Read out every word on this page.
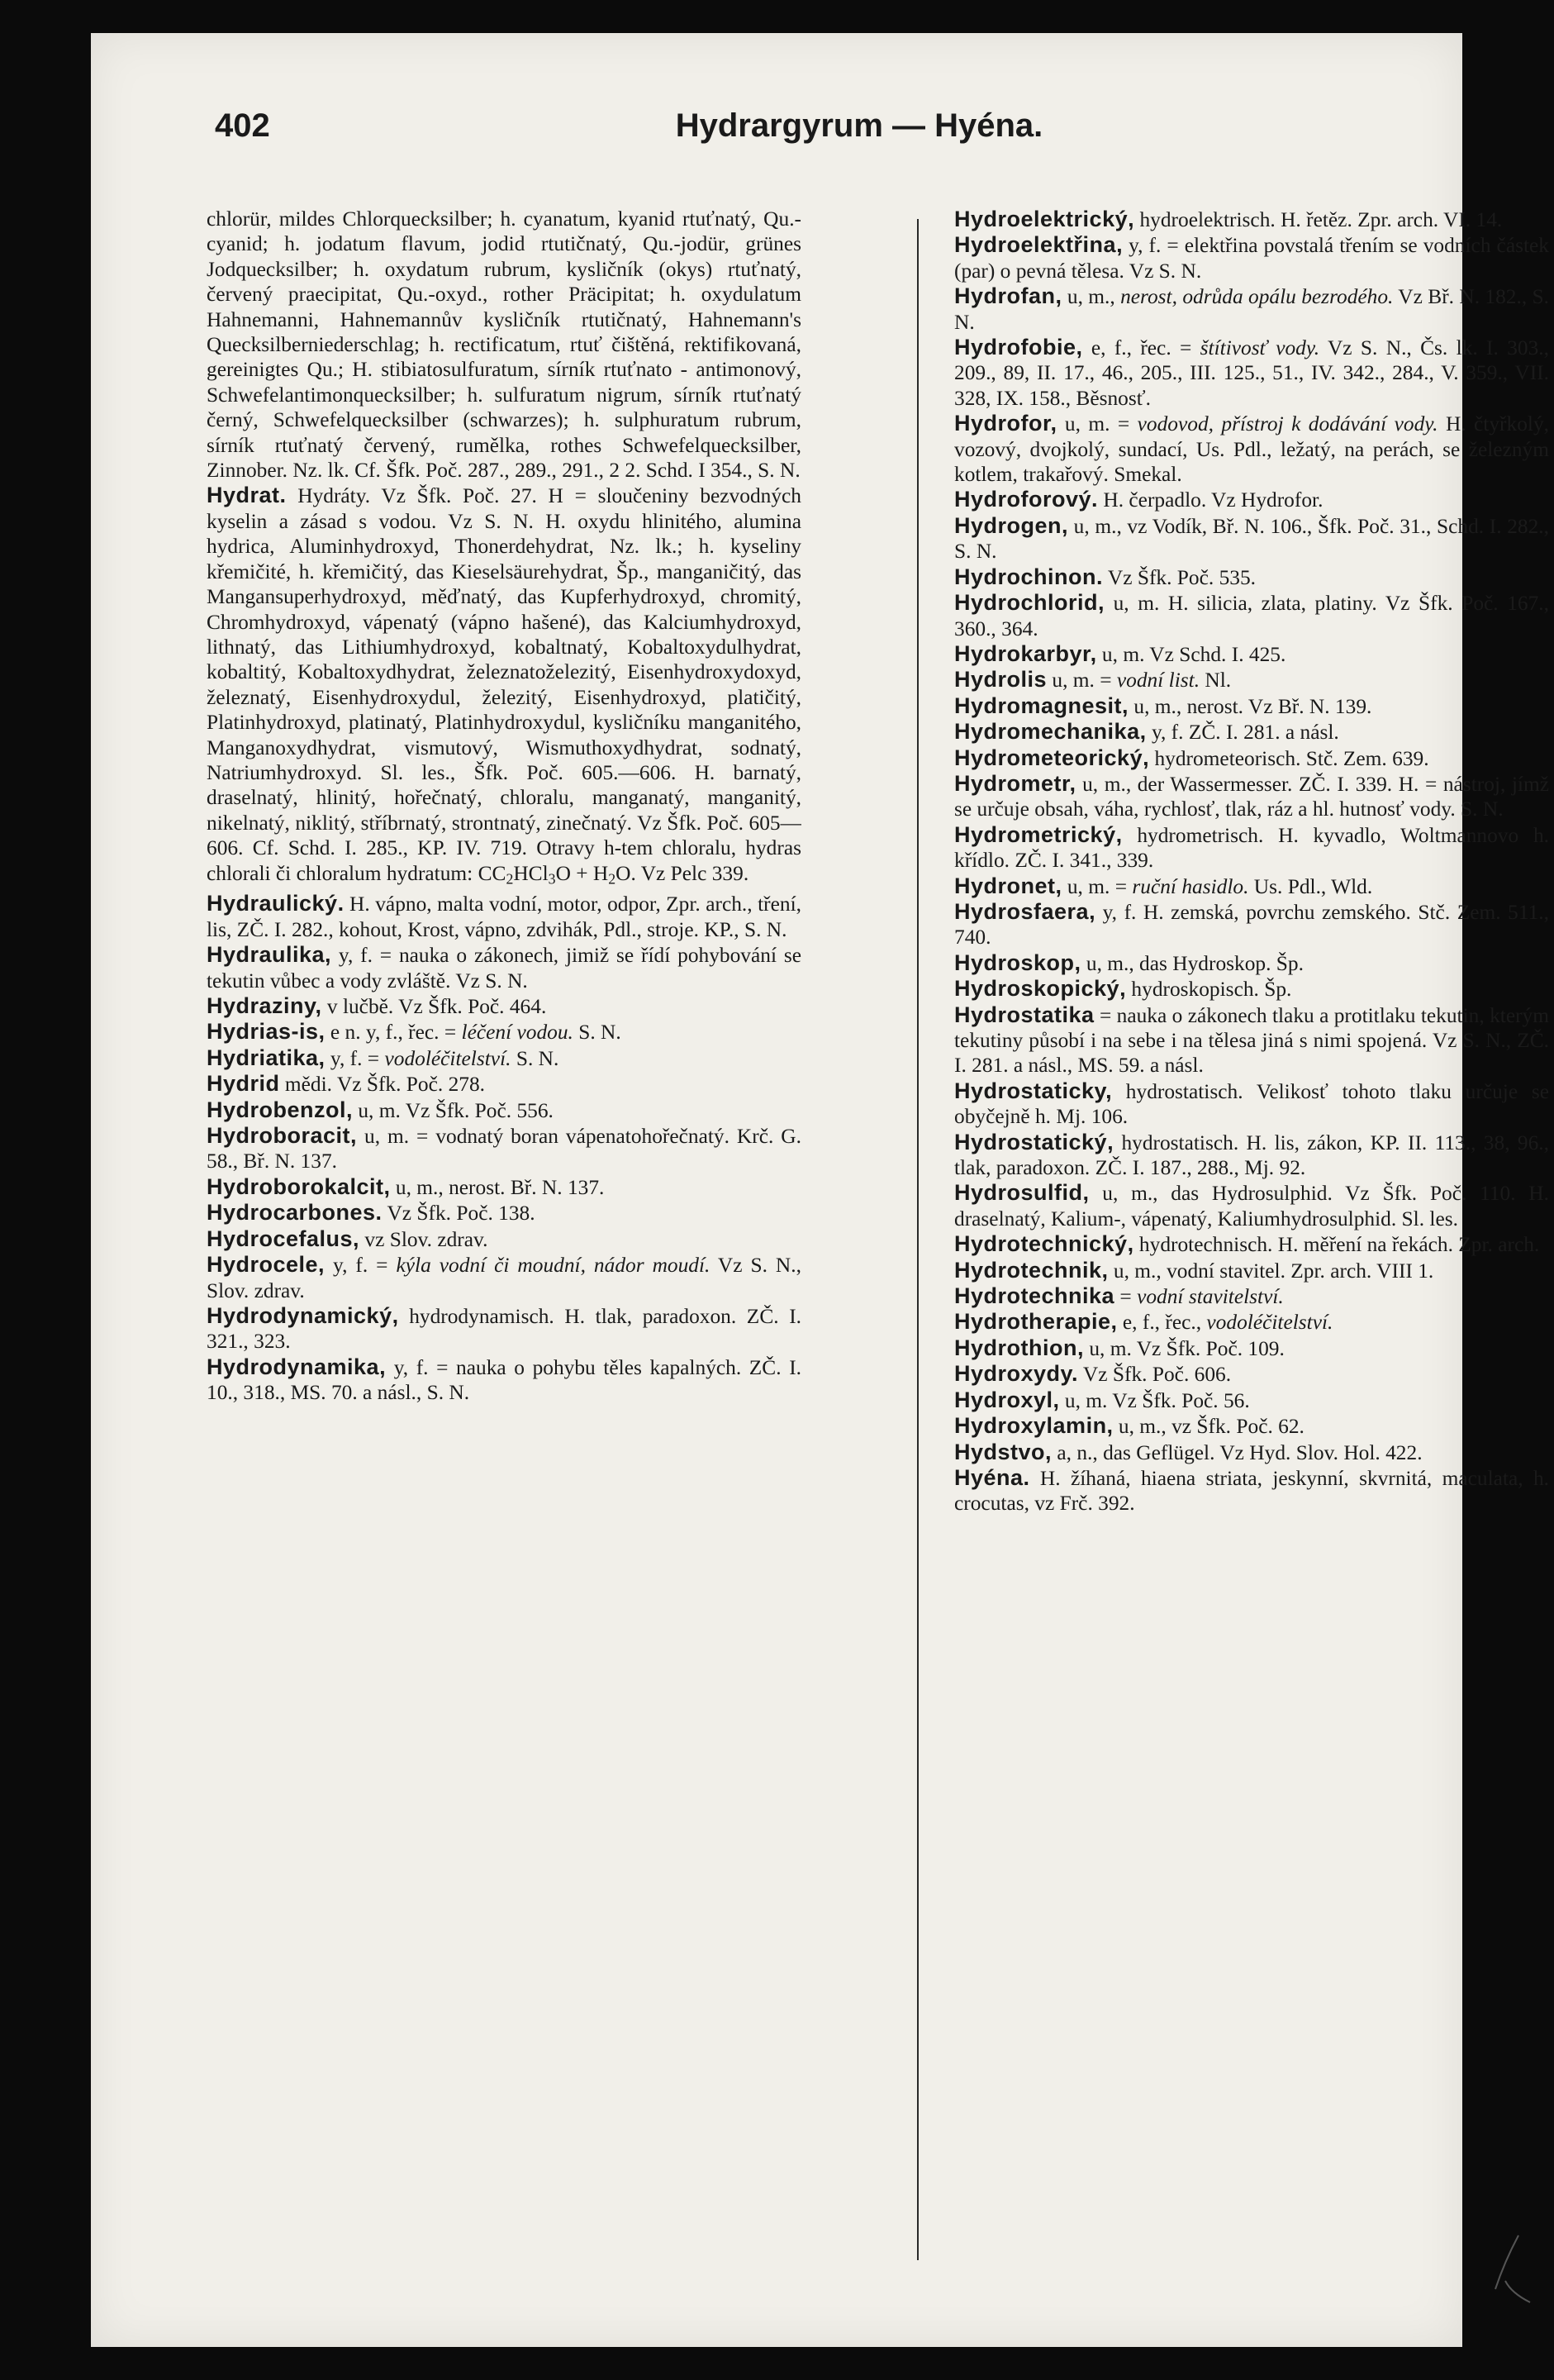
402	Hydrargyrum — Hyéna.

chlorür, mildes Chlorquecksilber; h. cyanatum, kyanid rtuťnatý, Qu.-cyanid; h. jodatum flavum, jodid rtutičnatý, Qu.-jodür, grünes Jodquecksilber; h. oxydatum rubrum, kysličník (okys) rtuťnatý, červený praecipitat, Qu.-oxyd., rother Präcipitat; h. oxydulatum Hahnemanni, Hahnemannův kysličník rtutičnatý, Hahnemann's Quecksilberniederschlag; h. rectificatum, rtuť čištěná, rektifikovaná, gereinigtes Qu.; H. stibiatosulfuratum, sírník rtuťnato - antimonový, Schwefelantimonquecksilber; h. sulfuratum nigrum, sírník rtuťnatý černý, Schwefelquecksilber (schwarzes); h. sulphuratum rubrum, sírník rtuťnatý červený, rumělka, rothes Schwefelquecksilber, Zinnober. Nz. lk. Cf. Šfk. Poč. 287., 289., 291., 2 2. Schd. I 354., S. N.

Hydrat. Hydráty. Vz Šfk. Poč. 27. H = sloučeniny bezvodných kyselin a zásad s vodou. Vz S. N. H. oxydu hlinitého, alumina hydrica, Aluminhydroxyd, Thonerdehydrat, Nz. lk.; h. kyseliny křemičité, h. křemičitý, das Kieselsäurehydrat, Šp., manganičitý, das Mangansuperhydroxyd, měďnatý, das Kupferhydroxyd, chromitý, Chromhydroxyd, vápenatý (vápno hašené), das Kalciumhydroxyd, lithnatý, das Lithiumhydroxyd, kobaltnatý, Kobaltoxydulhydrat, kobaltitý, Kobaltoxydhydrat, železnatoželezitý, Eisenhydroxydoxyd, železnatý, Eisenhydroxydul, železitý, Eisenhydroxyd, platičitý, Platinhydroxyd, platinatý, Platinhydroxydul, kysličníku manganitého, Manganoxydhydrat, vismutový, Wismuthoxydhydrat, sodnatý, Natriumhydroxyd. Sl. les., Šfk. Poč. 605.—606. H. barnatý, draselnatý, hlinitý, hořečnatý, chloralu, manganatý, manganitý, nikelnatý, niklitý, stříbrnatý, strontnatý, zinečnatý. Vz Šfk. Poč. 605—606. Cf. Schd. I. 285., KP. IV. 719. Otravy h-tem chloralu, hydras chlorali či chloralum hydratum: $CC_2HCl_3O + H_2O$. Vz Pelc 339.

Hydraulický. H. vápno, malta vodní, motor, odpor, Zpr. arch., tření, lis, ZČ. I. 282., kohout, Krost, vápno, zdvihák, Pdl., stroje. KP., S. N.

Hydraulika, y, f. = nauka o zákonech, jimiž se řídí pohybování se tekutin vůbec a vody zvláště. Vz S. N.

Hydraziny, v lučbě. Vz Šfk. Poč. 464.

Hydrias-is, e n. y, f., řec. = léčení vodou. S. N.

Hydriatika, y, f. = vodoléčitelství. S. N.

Hydrid mědi. Vz Šfk. Poč. 278.

Hydrobenzol, u, m. Vz Šfk. Poč. 556.

Hydroboracit, u, m. = vodnatý boran vápenatohořečnatý. Krč. G. 58., Bř. N. 137.

Hydroborokalcit, u, m., nerost. Bř. N. 137.

Hydrocarbones. Vz Šfk. Poč. 138.

Hydrocefalus, vz Slov. zdrav.

Hydrocele, y, f. = kýla vodní či moudní, nádor moudí. Vz S. N., Slov. zdrav.

Hydrodynamický, hydrodynamisch. H. tlak, paradoxon. ZČ. I. 321., 323.

Hydrodynamika, y, f. = nauka o pohybu těles kapalných. ZČ. I. 10., 318., MS. 70. a násl., S. N.

Hydroelektrický, hydroelektrisch. H. řetěz. Zpr. arch. VI. 14.

Hydroelektřina, y, f. = elektřina povstalá třením se vodních částek (par) o pevná tělesa. Vz S. N.

Hydrofan, u, m., nerost, odrůda opálu bezrodého. Vz Bř. N. 182., S. N.

Hydrofobie, e, f., řec. = štítivosť vody. Vz S. N., Čs. lk. I. 303., 209., 89, II. 17., 46., 205., III. 125., 51., IV. 342., 284., V. 359., VII. 328, IX. 158., Běsnosť.

Hydrofor, u, m. = vodovod, přístroj k dodávání vody. H. čtyřkolý, vozový, dvojkolý, sundací, Us. Pdl., ležatý, na perách, se železným kotlem, trakařový. Smekal.

Hydroforový. H. čerpadlo. Vz Hydrofor.

Hydrogen, u, m., vz Vodík, Bř. N. 106., Šfk. Poč. 31., Schd. I. 282., S. N.

Hydrochinon. Vz Šfk. Poč. 535.

Hydrochlorid, u, m. H. silicia, zlata, platiny. Vz Šfk. Poč. 167., 360., 364.

Hydrokarbyr, u, m. Vz Schd. I. 425.

Hydrolis u, m. = vodní list. Nl.

Hydromagnesit, u, m., nerost. Vz Bř. N. 139.

Hydromechanika, y, f. ZČ. I. 281. a násl.

Hydrometeorický, hydrometeorisch. Stč. Zem. 639.

Hydrometr, u, m., der Wassermesser. ZČ. I. 339. H. = nástroj, jímž se určuje obsah, váha, rychlosť, tlak, ráz a hl. hutnosť vody. S. N.

Hydrometrický, hydrometrisch. H. kyvadlo, Woltmannovo h. křídlo. ZČ. I. 341., 339.

Hydronet, u, m. = ruční hasidlo. Us. Pdl., Wld.

Hydrosfaera, y, f. H. zemská, povrchu zemského. Stč. Zem. 511., 740.

Hydroskop, u, m., das Hydroskop. Šp.

Hydroskopický, hydroskopisch. Šp.

Hydrostatika = nauka o zákonech tlaku a protitlaku tekutin, kterým tekutiny působí i na sebe i na tělesa jiná s nimi spojená. Vz S. N., ZČ. I. 281. a násl., MS. 59. a násl.

Hydrostaticky, hydrostatisch. Velikosť tohoto tlaku určuje se obyčejně h. Mj. 106.

Hydrostatický, hydrostatisch. H. lis, zákon, KP. II. 113., 38, 96., tlak, paradoxon. ZČ. I. 187., 288., Mj. 92.

Hydrosulfid, u, m., das Hydrosulphid. Vz Šfk. Poč. 110. H. draselnatý, Kalium-, vápenatý, Kaliumhydrosulphid. Sl. les.

Hydrotechnický, hydrotechnisch. H. měření na řekách. Zpr. arch.

Hydrotechnik, u, m., vodní stavitel. Zpr. arch. VIII 1.

Hydrotechnika = vodní stavitelství.

Hydrotherapie, e, f., řec., vodoléčitelství.

Hydrothion, u, m. Vz Šfk. Poč. 109.

Hydroxydy. Vz Šfk. Poč. 606.

Hydroxyl, u, m. Vz Šfk. Poč. 56.

Hydroxylamin, u, m., vz Šfk. Poč. 62.

Hydstvo, a, n., das Geflügel. Vz Hyd. Slov. Hol. 422.

Hyéna. H. žíhaná, hiaena striata, jeskynní, skvrnitá, maculata, h. crocutas, vz Frč. 392.
